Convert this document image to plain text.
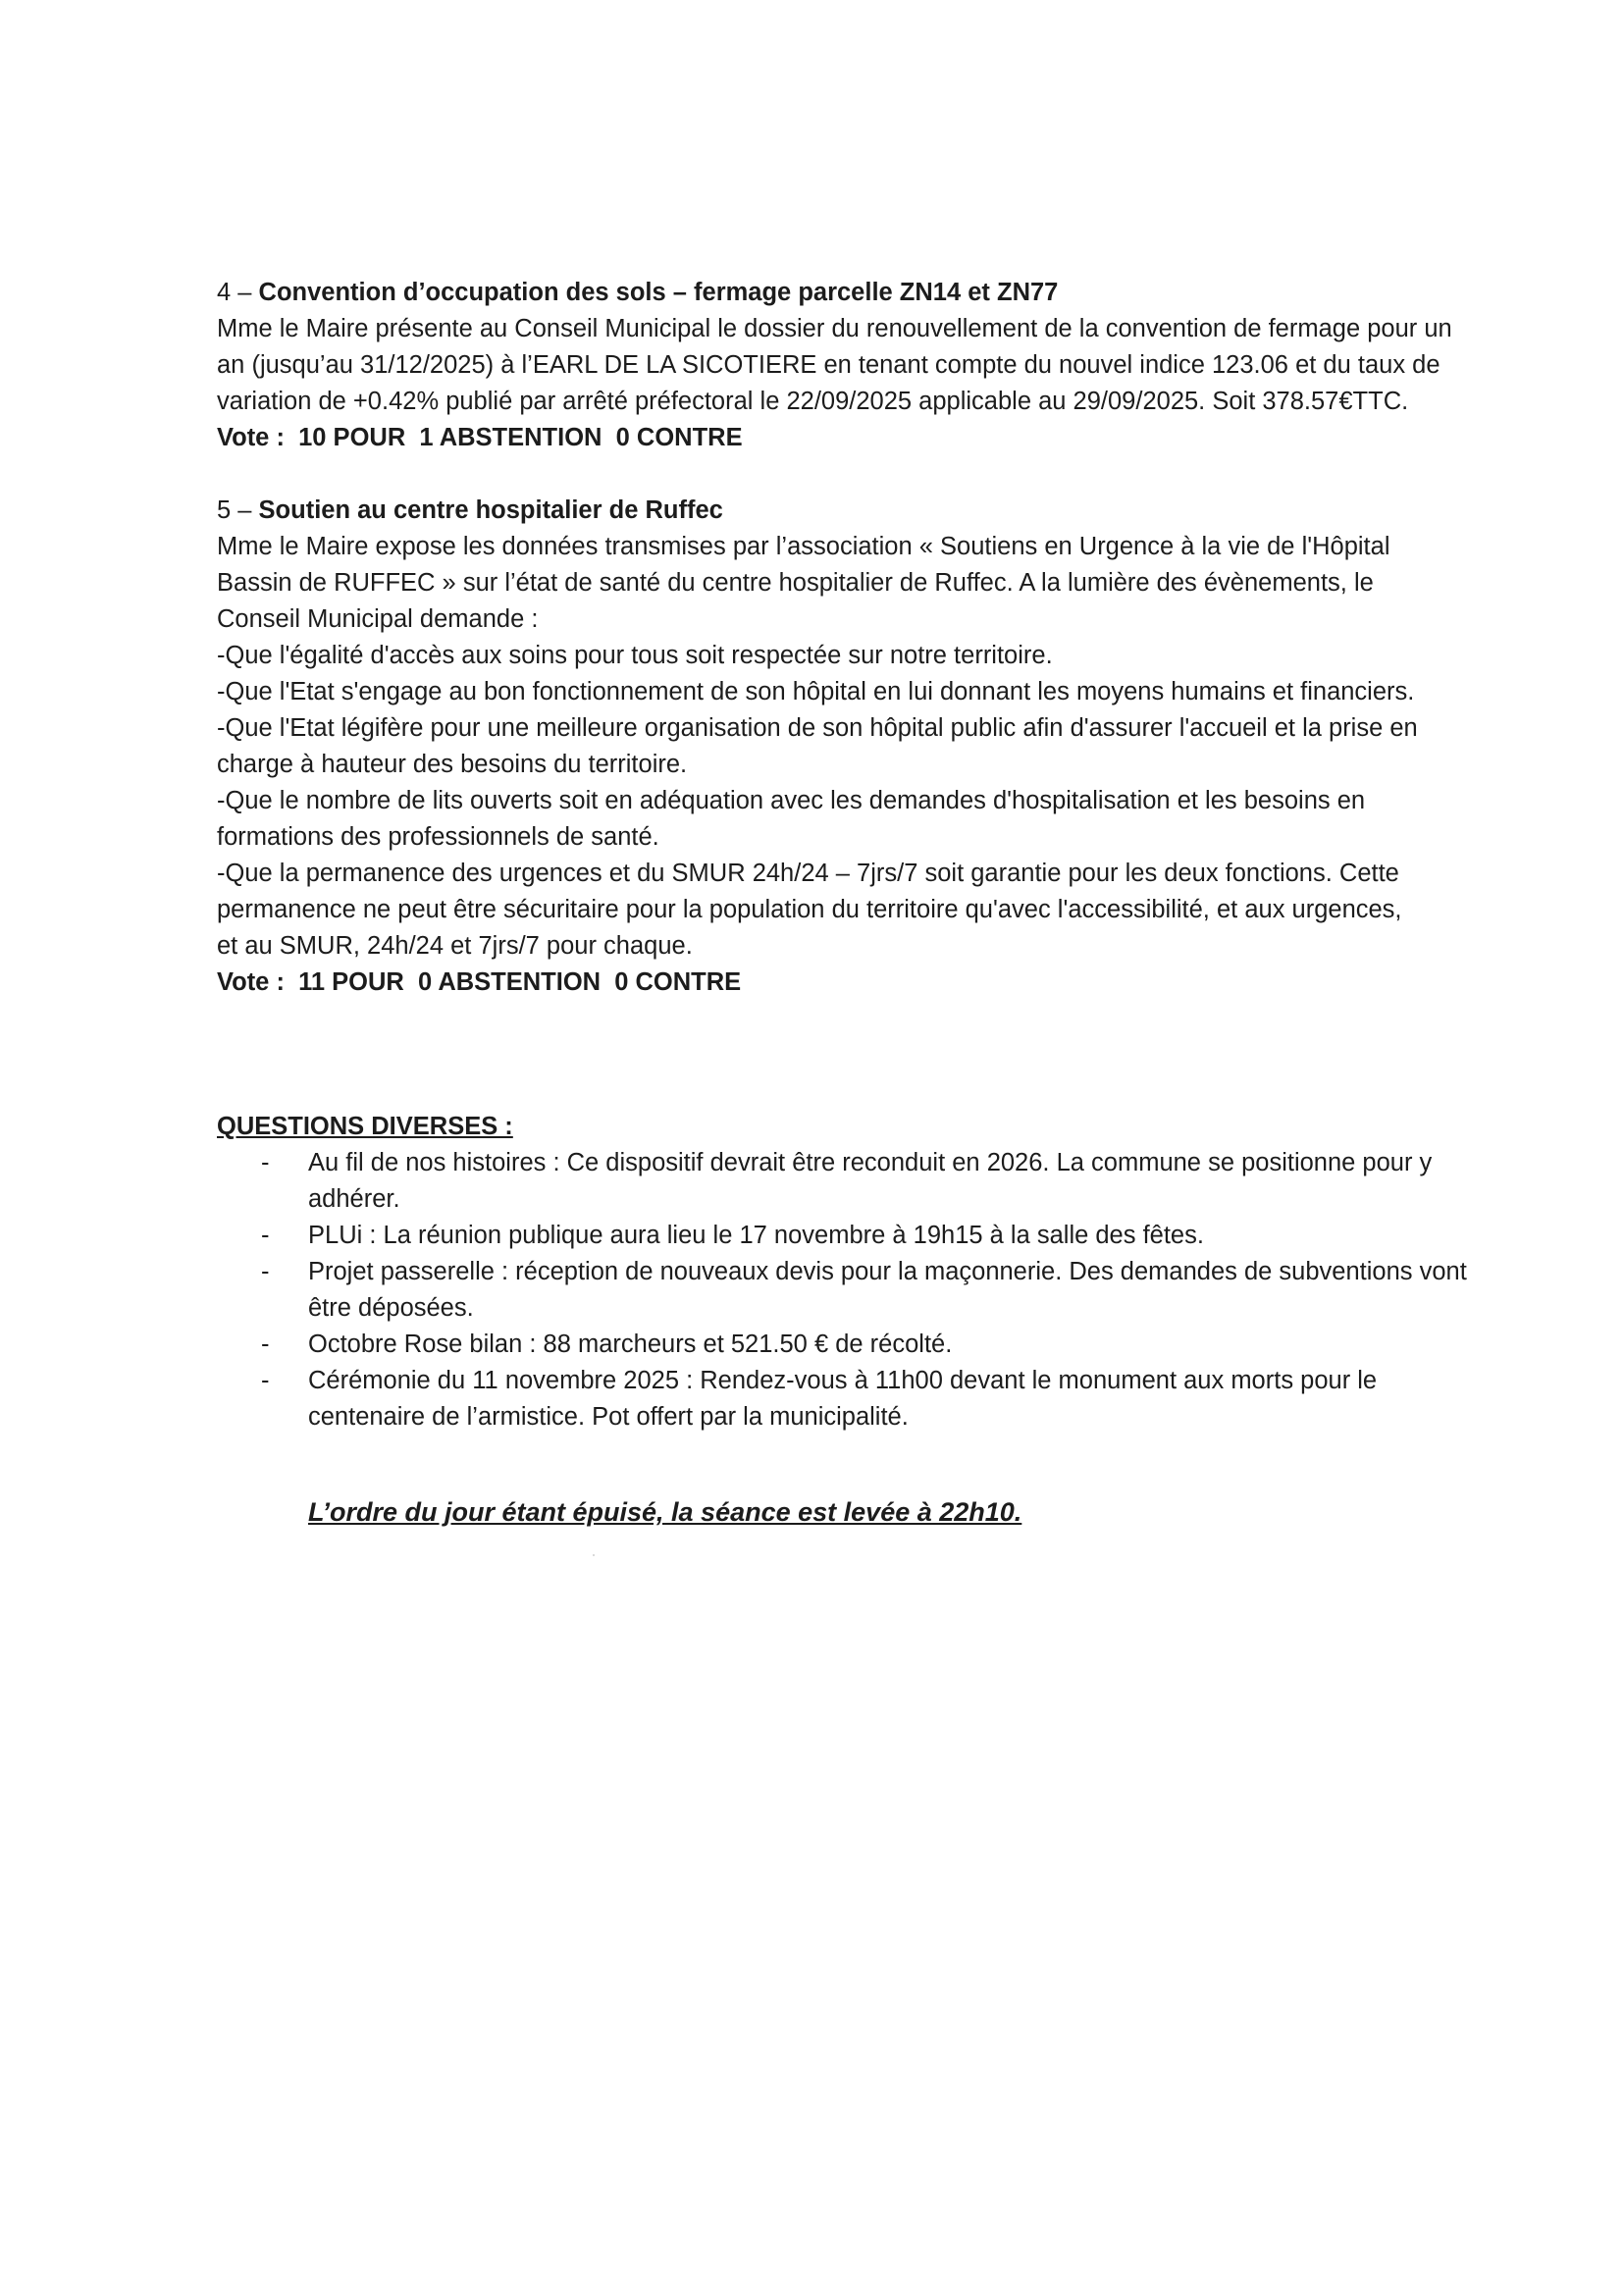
4 – Convention d’occupation des sols – fermage parcelle ZN14 et ZN77

Mme le Maire présente au Conseil Municipal le dossier du renouvellement de la convention de fermage pour un

an (jusqu’au 31/12/2025) à l’EARL DE LA SICOTIERE en tenant compte du nouvel indice 123.06 et du taux de

variation de +0.42% publié par arrêté préfectoral le 22/09/2025 applicable au 29/09/2025. Soit 378.57€TTC.

Vote :  10 POUR  1 ABSTENTION  0 CONTRE

5 – Soutien au centre hospitalier de Ruffec

Mme le Maire expose les données transmises par l’association « Soutiens en Urgence à la vie de l'Hôpital

Bassin de RUFFEC » sur l’état de santé du centre hospitalier de Ruffec. A la lumière des évènements, le

Conseil Municipal demande :

-Que l'égalité d'accès aux soins pour tous soit respectée sur notre territoire.

-Que l'Etat s'engage au bon fonctionnement de son hôpital en lui donnant les moyens humains et financiers.

-Que l'Etat légifère pour une meilleure organisation de son hôpital public afin d'assurer l'accueil et la prise en

charge à hauteur des besoins du territoire.

-Que le nombre de lits ouverts soit en adéquation avec les demandes d'hospitalisation et les besoins en

formations des professionnels de santé.

-Que la permanence des urgences et du SMUR 24h/24 – 7jrs/7 soit garantie pour les deux fonctions. Cette

permanence ne peut être sécuritaire pour la population du territoire qu'avec l'accessibilité, et aux urgences,

et au SMUR, 24h/24 et 7jrs/7 pour chaque.

Vote :  11 POUR  0 ABSTENTION  0 CONTRE

QUESTIONS DIVERSES :

- Au fil de nos histoires : Ce dispositif devrait être reconduit en 2026. La commune se positionne pour y

adhérer.

- PLUi : La réunion publique aura lieu le 17 novembre à 19h15 à la salle des fêtes.

- Projet passerelle : réception de nouveaux devis pour la maçonnerie. Des demandes de subventions vont

être déposées.

- Octobre Rose bilan : 88 marcheurs et 521.50 € de récolté.

- Cérémonie du 11 novembre 2025 : Rendez-vous à 11h00 devant le monument aux morts pour le

centenaire de l’armistice. Pot offert par la municipalité.

L’ordre du jour étant épuisé, la séance est levée à 22h10.
